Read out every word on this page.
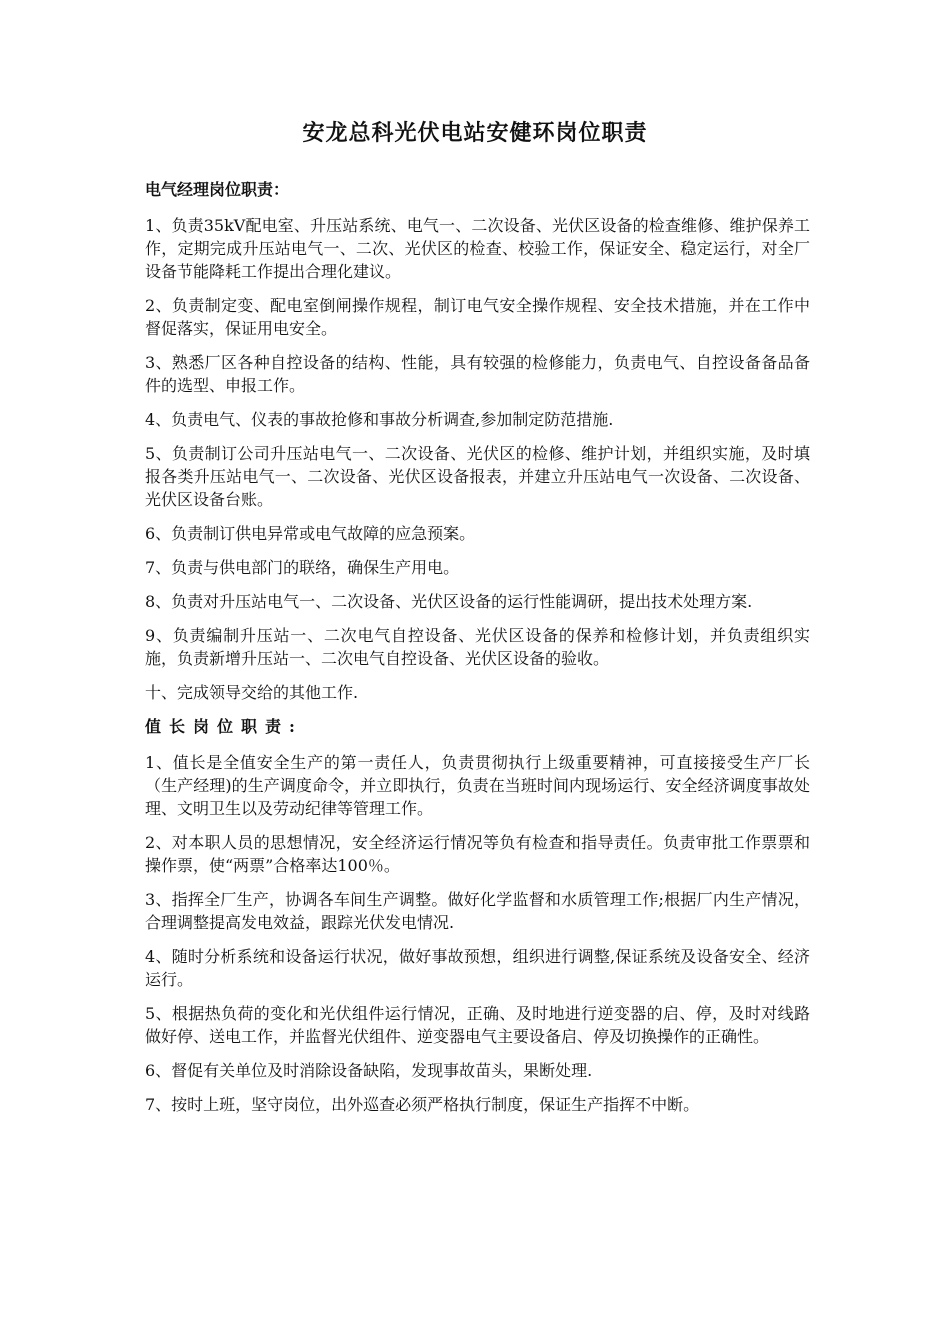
安龙总科光伏电站安健环岗位职责

电气经理岗位职责：

1、负责35kV配电室、升压站系统、电气一、二次设备、光伏区设备的检查维修、维护保养工作，定期完成升压站电气一、二次、光伏区的检查、校验工作，保证安全、稳定运行，对全厂设备节能降耗工作提出合理化建议。

2、负责制定变、配电室倒闸操作规程，制订电气安全操作规程、安全技术措施，并在工作中督促落实，保证用电安全。

3、熟悉厂区各种自控设备的结构、性能，具有较强的检修能力，负责电气、自控设备备品备件的选型、申报工作。

4、负责电气、仪表的事故抢修和事故分析调查,参加制定防范措施.

5、负责制订公司升压站电气一、二次设备、光伏区的检修、维护计划，并组织实施，及时填报各类升压站电气一、二次设备、光伏区设备报表，并建立升压站电气一次设备、二次设备、光伏区设备台账。

6、负责制订供电异常或电气故障的应急预案。

7、负责与供电部门的联络，确保生产用电。

8、负责对升压站电气一、二次设备、光伏区设备的运行性能调研，提出技术处理方案.

9、负责编制升压站一、二次电气自控设备、光伏区设备的保养和检修计划，并负责组织实施，负责新增升压站一、二次电气自控设备、光伏区设备的验收。

十、完成领导交给的其他工作.

值长岗位职责:

1、值长是全值安全生产的第一责任人，负责贯彻执行上级重要精神，可直接接受生产厂长（生产经理)的生产调度命令，并立即执行，负责在当班时间内现场运行、安全经济调度事故处理、文明卫生以及劳动纪律等管理工作。

2、对本职人员的思想情况，安全经济运行情况等负有检查和指导责任。负责审批工作票票和操作票，使“两票”合格率达100％。

3、指挥全厂生产，协调各车间生产调整。做好化学监督和水质管理工作;根据厂内生产情况，合理调整提高发电效益，跟踪光伏发电情况.

4、随时分析系统和设备运行状况，做好事故预想，组织进行调整,保证系统及设备安全、经济运行。

5、根据热负荷的变化和光伏组件运行情况，正确、及时地进行逆变器的启、停，及时对线路做好停、送电工作，并监督光伏组件、逆变器电气主要设备启、停及切换操作的正确性。

6、督促有关单位及时消除设备缺陷，发现事故苗头，果断处理.

7、按时上班，坚守岗位，出外巡查必须严格执行制度，保证生产指挥不中断。
